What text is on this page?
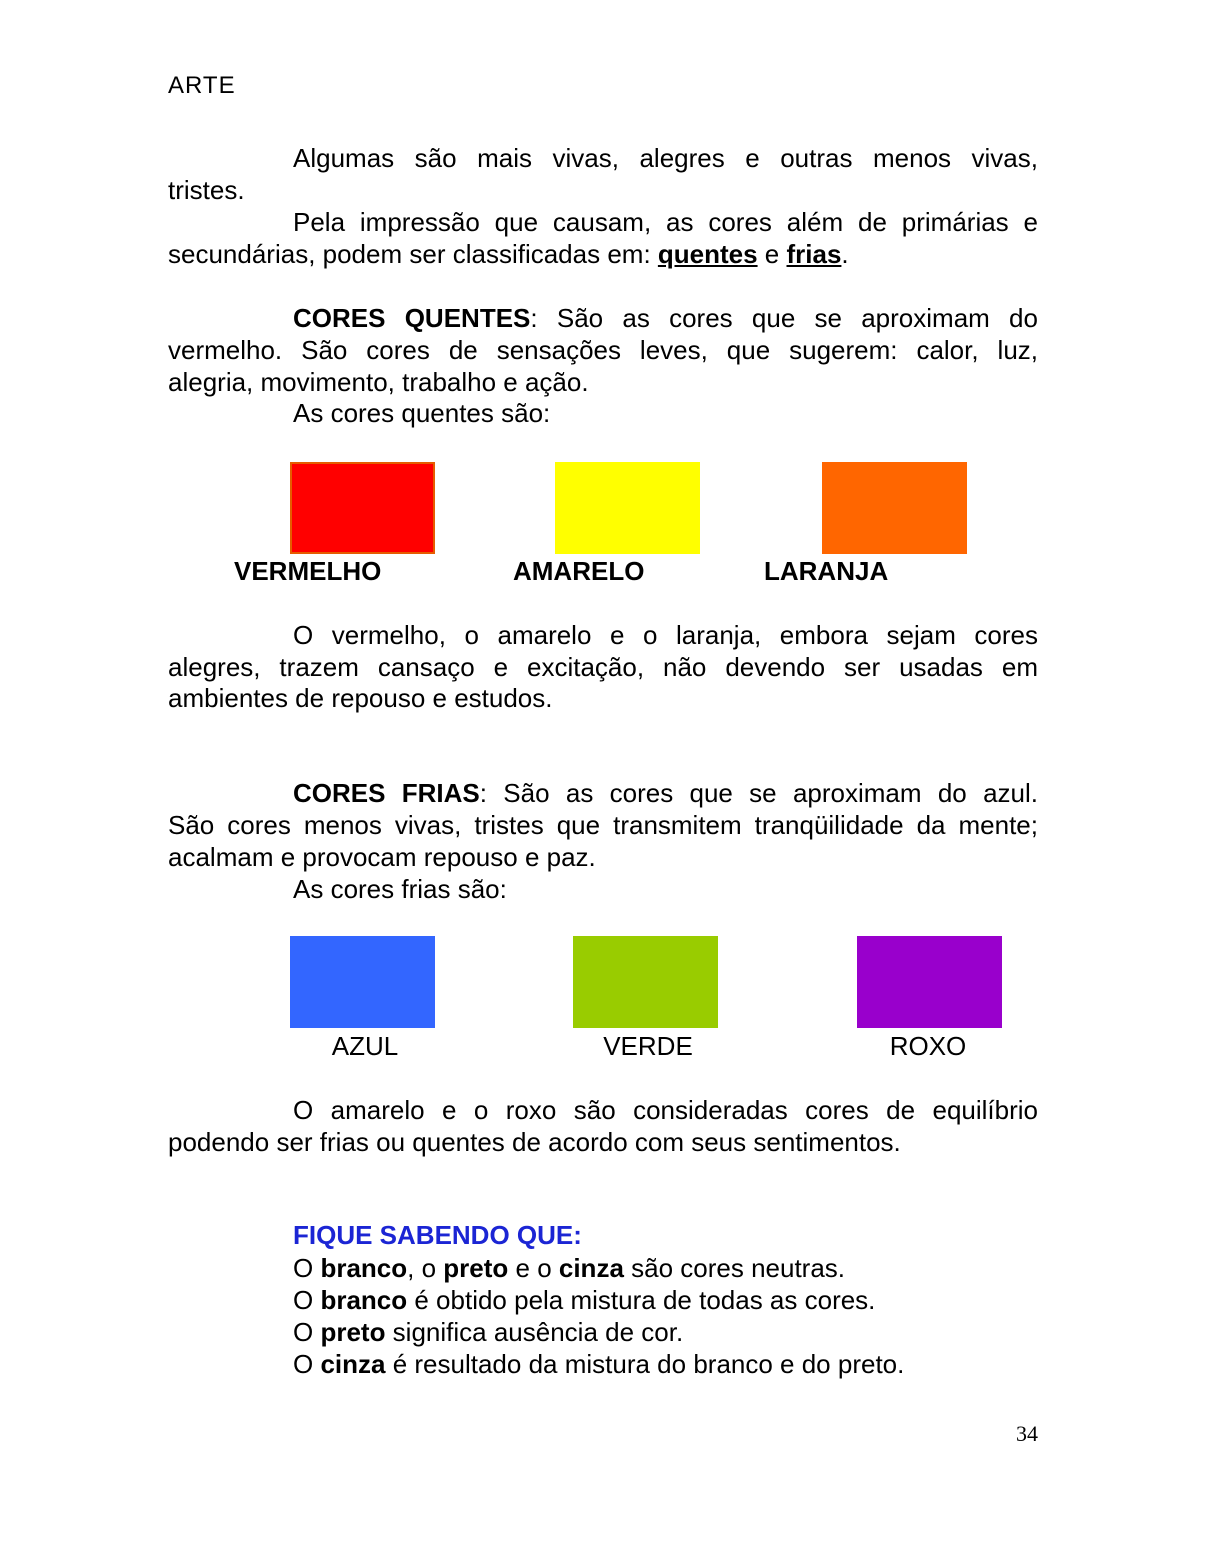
ARTE
Algumas são mais vivas, alegres e outras menos vivas,
tristes.
Pela impressão que causam, as cores além de primárias e
secundárias, podem ser classificadas em: quentes e frias.
CORES QUENTES: São as cores que se aproximam do
vermelho. São cores de sensações leves, que sugerem: calor, luz,
alegria, movimento, trabalho e ação.
As cores quentes são:
VERMELHO	AMARELO	LARANJA
O vermelho, o amarelo e o laranja, embora sejam cores
alegres, trazem cansaço e excitação, não devendo ser usadas em
ambientes de repouso e estudos.
CORES FRIAS: São as cores que se aproximam do azul.
São cores menos vivas, tristes que transmitem tranqüilidade da mente;
acalmam e provocam repouso e paz.
As cores frias são:
AZUL	VERDE	ROXO
O amarelo e o roxo são consideradas cores de equilíbrio
podendo ser frias ou quentes de acordo com seus sentimentos.
FIQUE SABENDO QUE:
O branco, o preto e o cinza são cores neutras.
O branco é obtido pela mistura de todas as cores.
O preto significa ausência de cor.
O cinza é resultado da mistura do branco e do preto.
34
